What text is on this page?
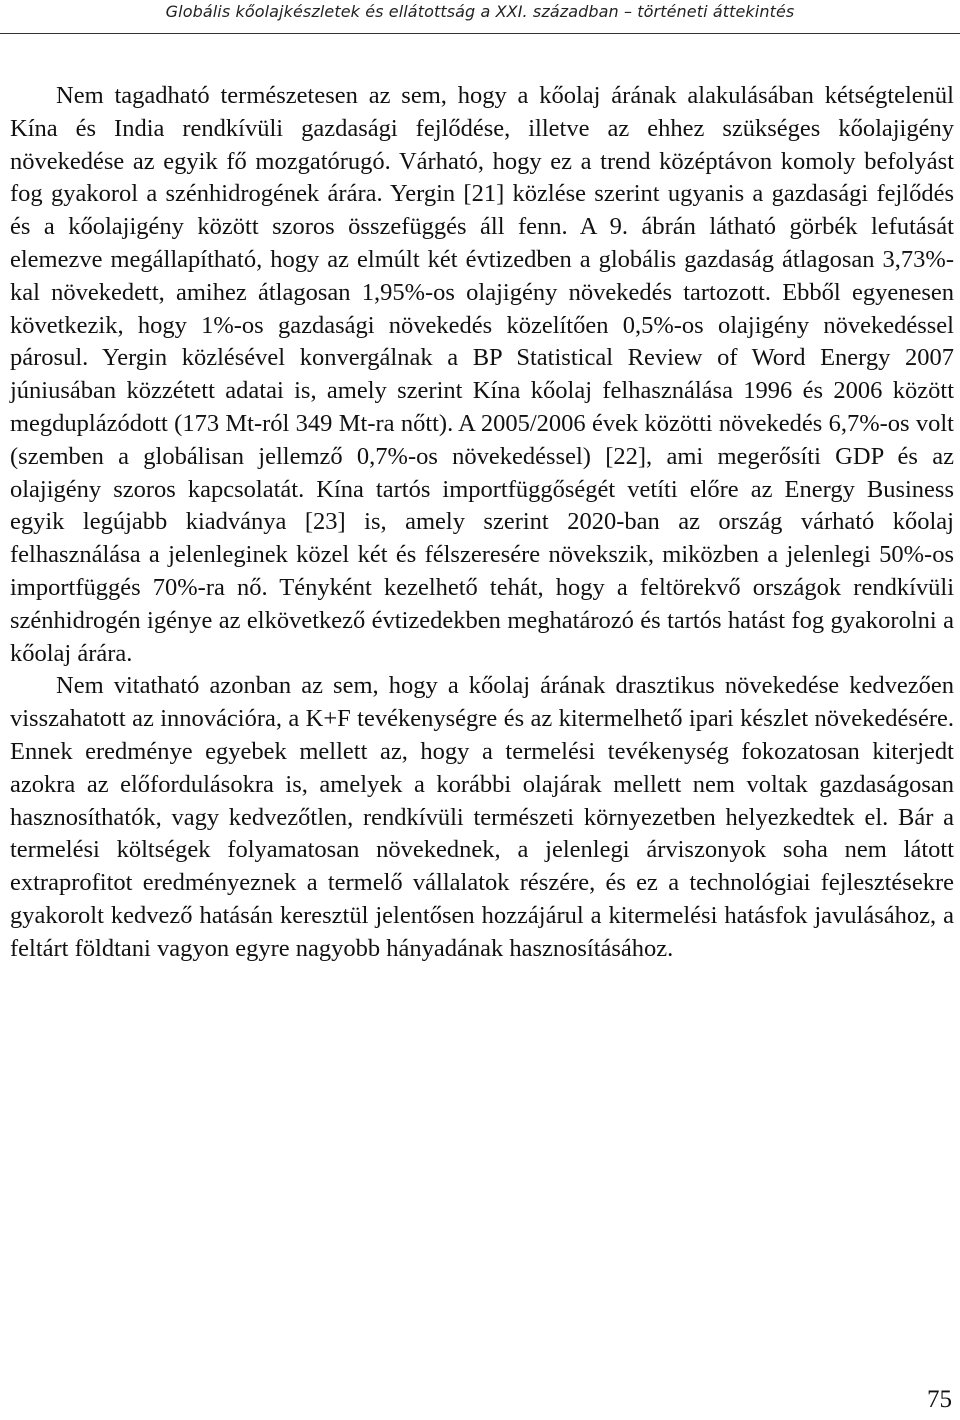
Globális kőolajkészletek és ellátottság a XXI. században – történeti áttekintés

Nem tagadható természetesen az sem, hogy a kőolaj árának alakulásában kétségtelenül Kína és India rendkívüli gazdasági fejlődése, illetve az ehhez szükséges kőolajigény növekedése az egyik fő mozgatórugó. Várható, hogy ez a trend középtávon komoly befolyást fog gyakorol a szénhidrogének árára. Yergin [21] közlése szerint ugyanis a gazdasági fejlődés és a kőolajigény között szoros összefüggés áll fenn. A 9. ábrán látható görbék lefutását elemezve megállapítható, hogy az elmúlt két évtizedben a globális gazdaság átlagosan 3,73%-kal növekedett, amihez átlagosan 1,95%-os olajigény növekedés tartozott. Ebből egyenesen következik, hogy 1%-os gazdasági növekedés közelítően 0,5%-os olajigény növekedéssel párosul. Yergin közlésével konvergálnak a BP Statistical Review of Word Energy 2007 júniusában közzétett adatai is, amely szerint Kína kőolaj felhasználása 1996 és 2006 között megduplázódott (173 Mt-ról 349 Mt-ra nőtt). A 2005/2006 évek közötti növekedés 6,7%-os volt (szemben a globálisan jellemző 0,7%-os növekedéssel) [22], ami megerősíti GDP és az olajigény szoros kapcsolatát. Kína tartós importfüggőségét vetíti előre az Energy Business egyik legújabb kiadványa [23] is, amely szerint 2020-ban az ország várható kőolaj felhasználása a jelenleginek közel két és félszeresére növekszik, miközben a jelenlegi 50%-os importfüggés 70%-ra nő. Tényként kezelhető tehát, hogy a feltörekvő országok rendkívüli szénhidrogén igénye az elkövetkező évtizedekben meghatározó és tartós hatást fog gyakorolni a kőolaj árára.

Nem vitatható azonban az sem, hogy a kőolaj árának drasztikus növekedése kedvezően visszahatott az innovációra, a K+F tevékenységre és az kitermelhető ipari készlet növekedésére. Ennek eredménye egyebek mellett az, hogy a termelési tevékenység fokozatosan kiterjedt azokra az előfordulásokra is, amelyek a korábbi olajárak mellett nem voltak gazdaságosan hasznosíthatók, vagy kedvezőtlen, rendkívüli természeti környezetben helyezkedtek el. Bár a termelési költségek folyamatosan növekednek, a jelenlegi árviszonyok soha nem látott extraprofitot eredményeznek a termelő vállalatok részére, és ez a technológiai fejlesztésekre gyakorolt kedvező hatásán keresztül jelentősen hozzájárul a kitermelési hatásfok javulásához, a feltárt földtani vagyon egyre nagyobb hányadának hasznosításához.

75
